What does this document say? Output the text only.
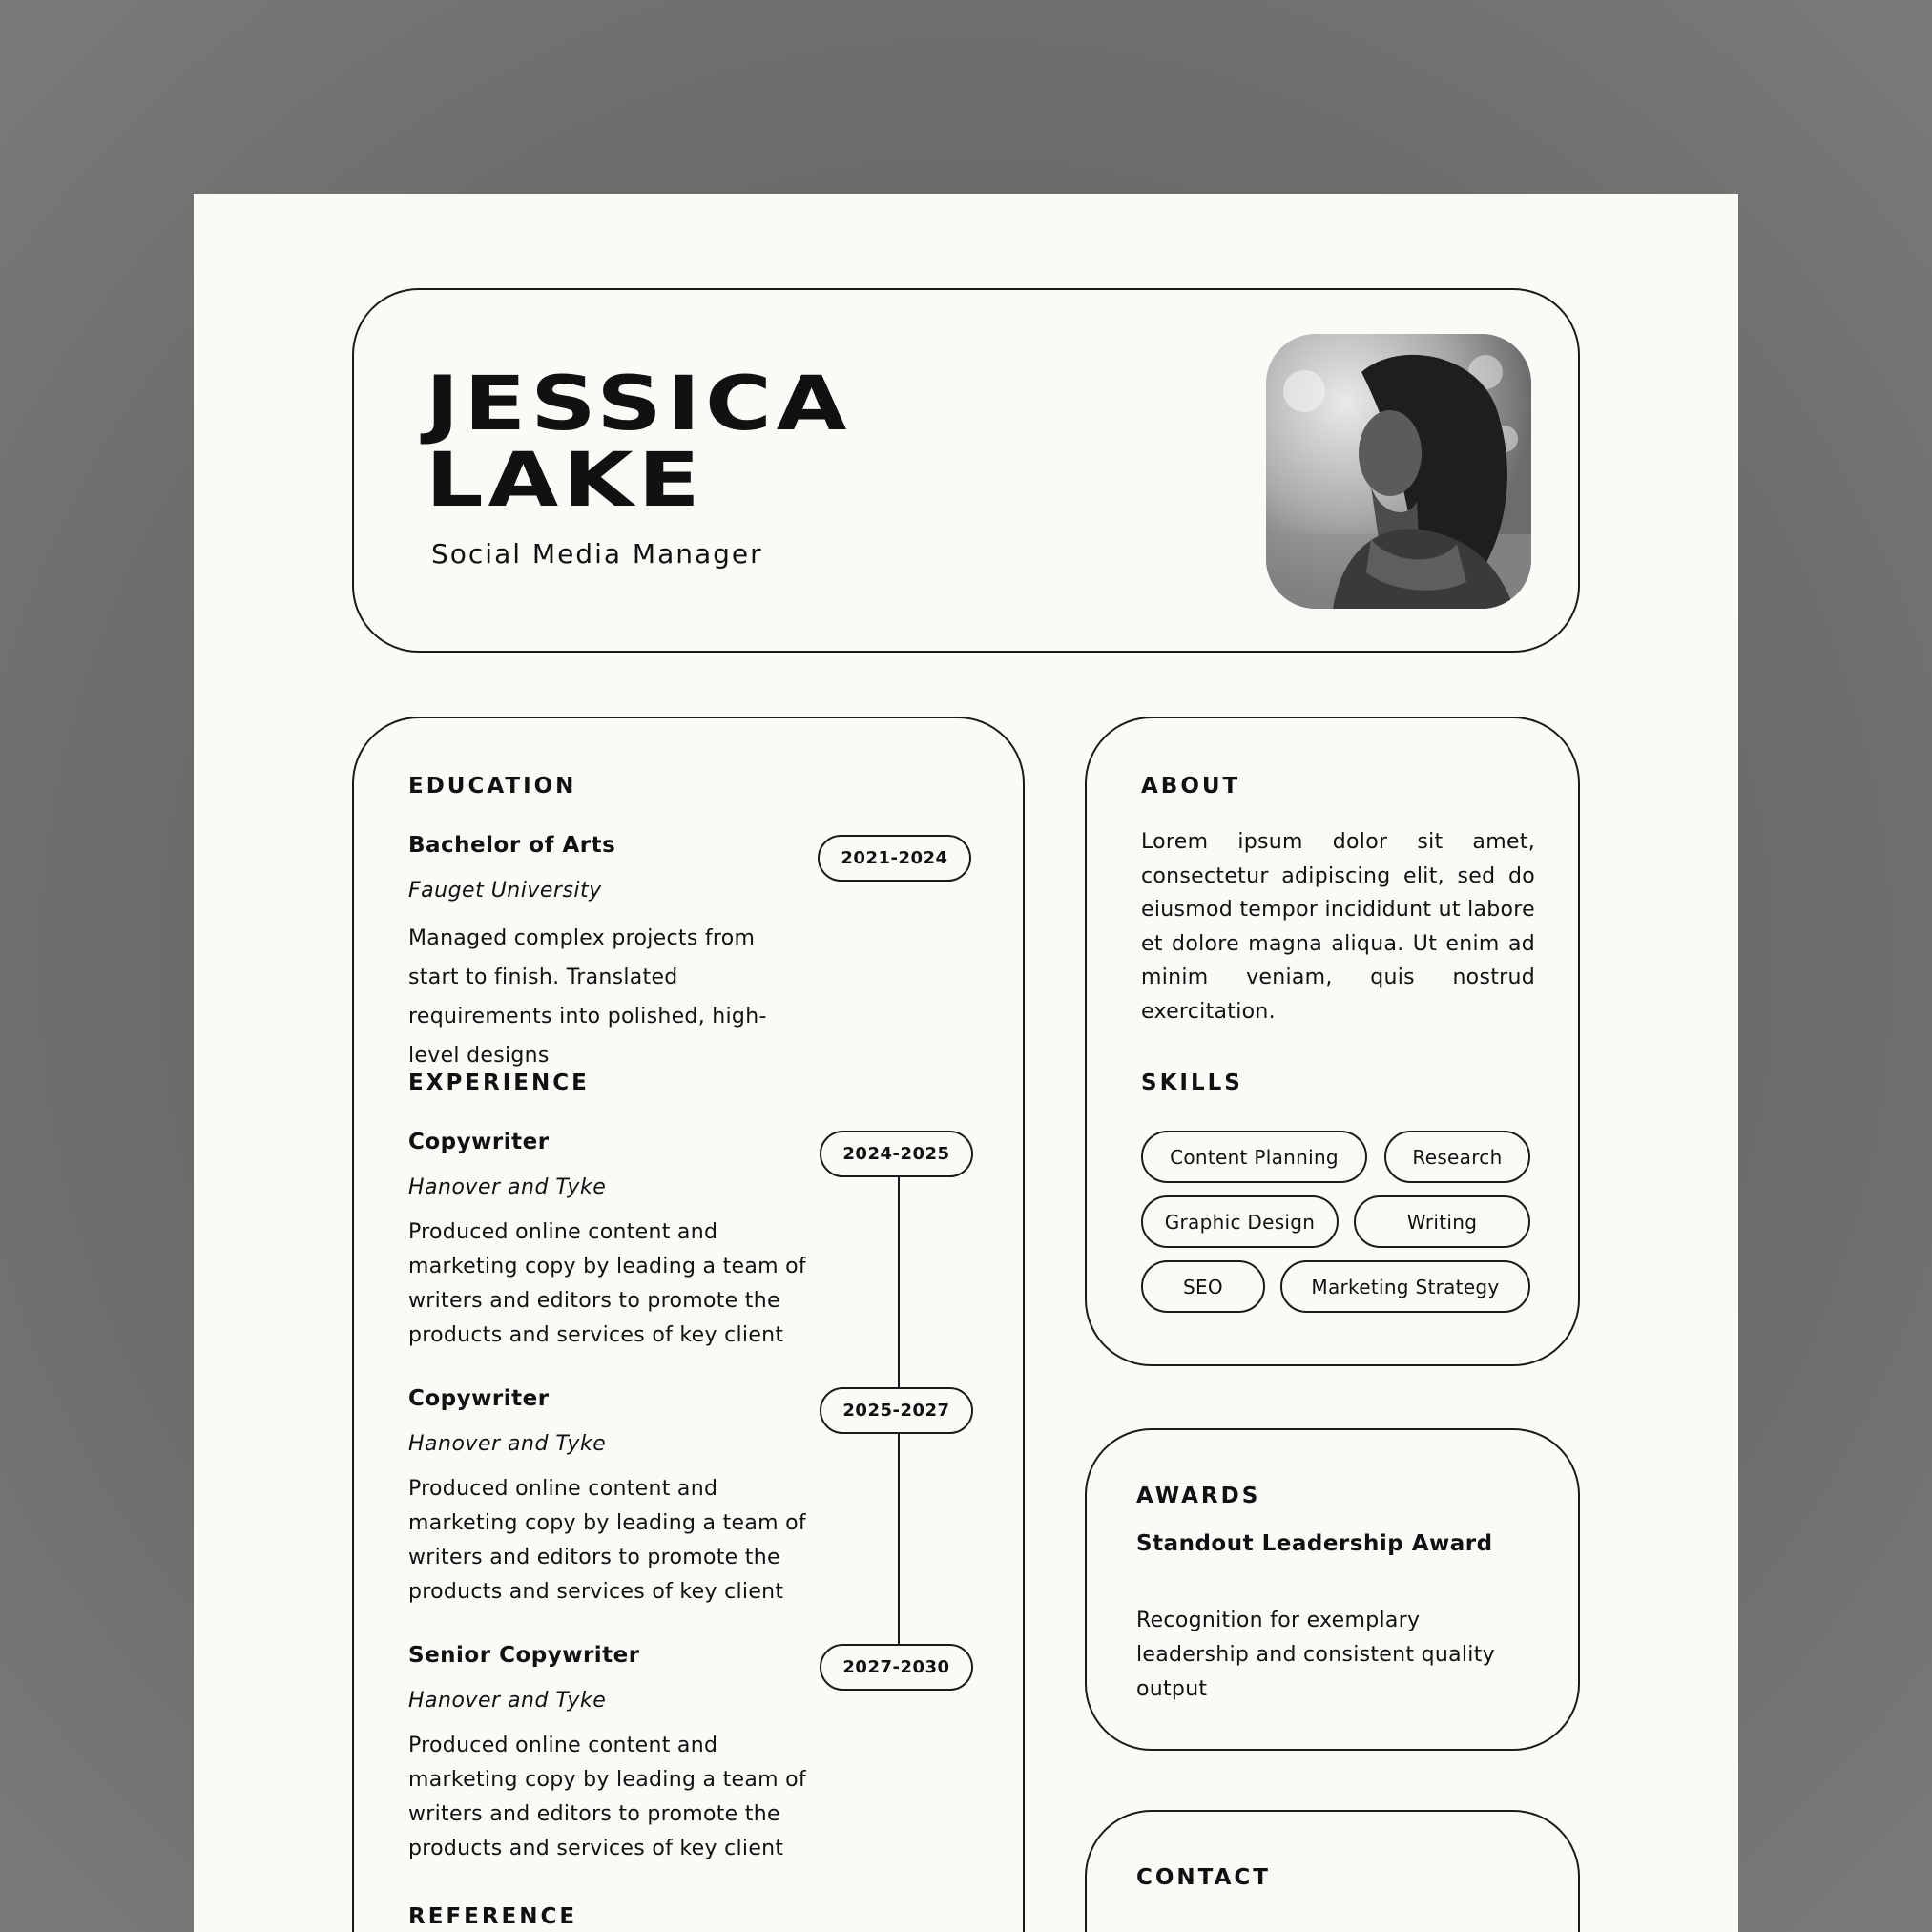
JESSICA
LAKE
Social Media Manager
EDUCATION
Bachelor of Arts
Fauget University
Managed complex projects from start to finish. Translated requirements into polished, high-level designs
2021-2024
EXPERIENCE
Copywriter
Hanover and Tyke
Produced online content and marketing copy by leading a team of writers and editors to promote the products and services of key client
2024-2025
Copywriter
Hanover and Tyke
Produced online content and marketing copy by leading a team of writers and editors to promote the products and services of key client
2025-2027
Senior Copywriter
Hanover and Tyke
Produced online content and marketing copy by leading a team of writers and editors to promote the products and services of key client
2027-2030
REFERENCE
ABOUT
Lorem ipsum dolor sit amet, consectetur adipiscing elit, sed do eiusmod tempor incididunt ut labore et dolore magna aliqua. Ut enim ad minim veniam, quis nostrud exercitation.
SKILLS
Content Planning	Research
Graphic Design	Writing
SEO	Marketing Strategy
AWARDS
Standout Leadership Award
Recognition for exemplary leadership and consistent quality output
CONTACT
